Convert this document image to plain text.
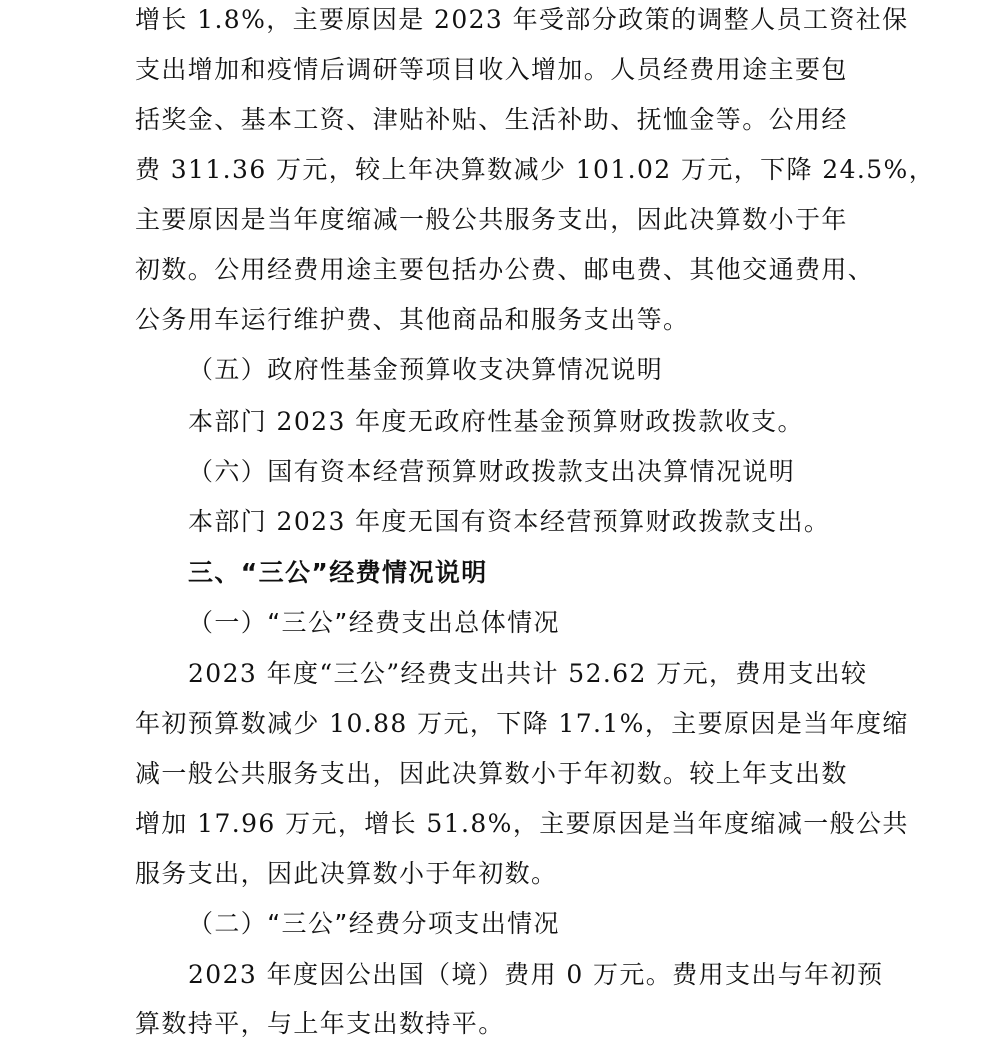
增长 1.8%，主要原因是 2023 年受部分政策的调整人员工资社保
支出增加和疫情后调研等项目收入增加。人员经费用途主要包
括奖金、基本工资、津贴补贴、生活补助、抚恤金等。公用经
费 311.36 万元，较上年决算数减少 101.02 万元，下降 24.5%，
主要原因是当年度缩减一般公共服务支出，因此决算数小于年
初数。公用经费用途主要包括办公费、邮电费、其他交通费用、
公务用车运行维护费、其他商品和服务支出等。
（五）政府性基金预算收支决算情况说明
本部门 2023 年度无政府性基金预算财政拨款收支。
（六）国有资本经营预算财政拨款支出决算情况说明
本部门 2023 年度无国有资本经营预算财政拨款支出。
三、“三公”经费情况说明
（一）“三公”经费支出总体情况
2023 年度“三公”经费支出共计 52.62 万元，费用支出较
年初预算数减少 10.88 万元，下降 17.1%，主要原因是当年度缩
减一般公共服务支出，因此决算数小于年初数。较上年支出数
增加 17.96 万元，增长 51.8%，主要原因是当年度缩减一般公共
服务支出，因此决算数小于年初数。
（二）“三公”经费分项支出情况
2023 年度因公出国（境）费用 0 万元。费用支出与年初预
算数持平，与上年支出数持平。
